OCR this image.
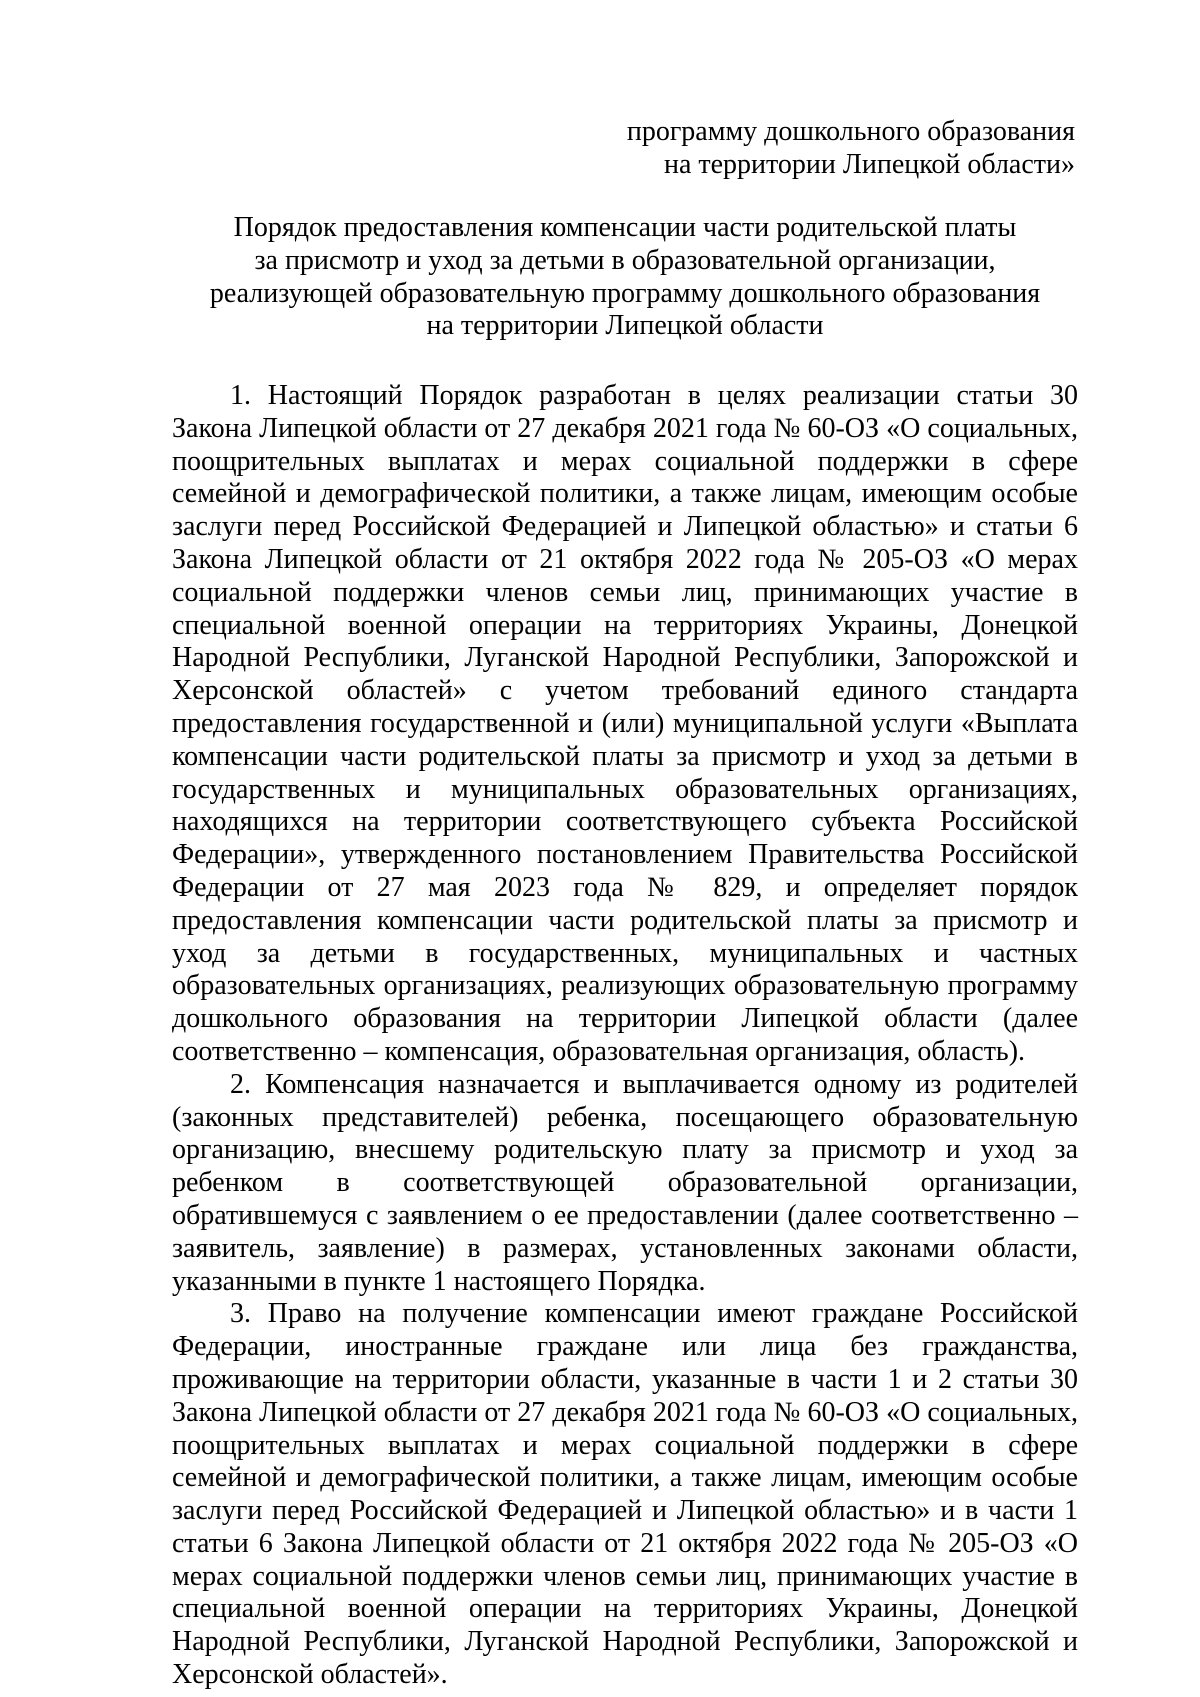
программу дошкольного образования
на территории Липецкой области»
Порядок предоставления компенсации части родительской платы
за присмотр и уход за детьми в образовательной организации,
реализующей образовательную программу дошкольного образования
на территории Липецкой области

1. Настоящий Порядок разработан в целях реализации статьи 30 Закона Липецкой области от 27 декабря 2021 года № 60-ОЗ «О социальных, поощрительных выплатах и мерах социальной поддержки в сфере семейной и демографической политики, а также лицам, имеющим особые заслуги перед Российской Федерацией и Липецкой областью» и статьи 6 Закона Липецкой области от 21 октября 2022 года № 205-ОЗ «О мерах социальной поддержки членов семьи лиц, принимающих участие в специальной военной операции на территориях Украины, Донецкой Народной Республики, Луганской Народной Республики, Запорожской и Херсонской областей» с учетом требований единого стандарта предоставления государственной и (или) муниципальной услуги «Выплата компенсации части родительской платы за присмотр и уход за детьми в государственных и муниципальных образовательных организациях, находящихся на территории соответствующего субъекта Российской Федерации», утвержденного постановлением Правительства Российской Федерации от 27 мая 2023 года № 829, и определяет порядок предоставления компенсации части родительской платы за присмотр и уход за детьми в государственных, муниципальных и частных образовательных организациях, реализующих образовательную программу дошкольного образования на территории Липецкой области (далее соответственно – компенсация, образовательная организация, область).

2. Компенсация назначается и выплачивается одному из родителей (законных представителей) ребенка, посещающего образовательную организацию, внесшему родительскую плату за присмотр и уход за ребенком в соответствующей образовательной организации, обратившемуся с заявлением о ее предоставлении (далее соответственно – заявитель, заявление) в размерах, установленных законами области, указанными в пункте 1 настоящего Порядка.

3. Право на получение компенсации имеют граждане Российской Федерации, иностранные граждане или лица без гражданства, проживающие на территории области, указанные в части 1 и 2 статьи 30 Закона Липецкой области от 27 декабря 2021 года № 60-ОЗ «О социальных, поощрительных выплатах и мерах социальной поддержки в сфере семейной и демографической политики, а также лицам, имеющим особые заслуги перед Российской Федерацией и Липецкой областью» и в части 1 статьи 6 Закона Липецкой области от 21 октября 2022 года № 205-ОЗ «О мерах социальной поддержки членов семьи лиц, принимающих участие в специальной военной операции на территориях Украины, Донецкой Народной Республики, Луганской Народной Республики, Запорожской и Херсонской областей».
